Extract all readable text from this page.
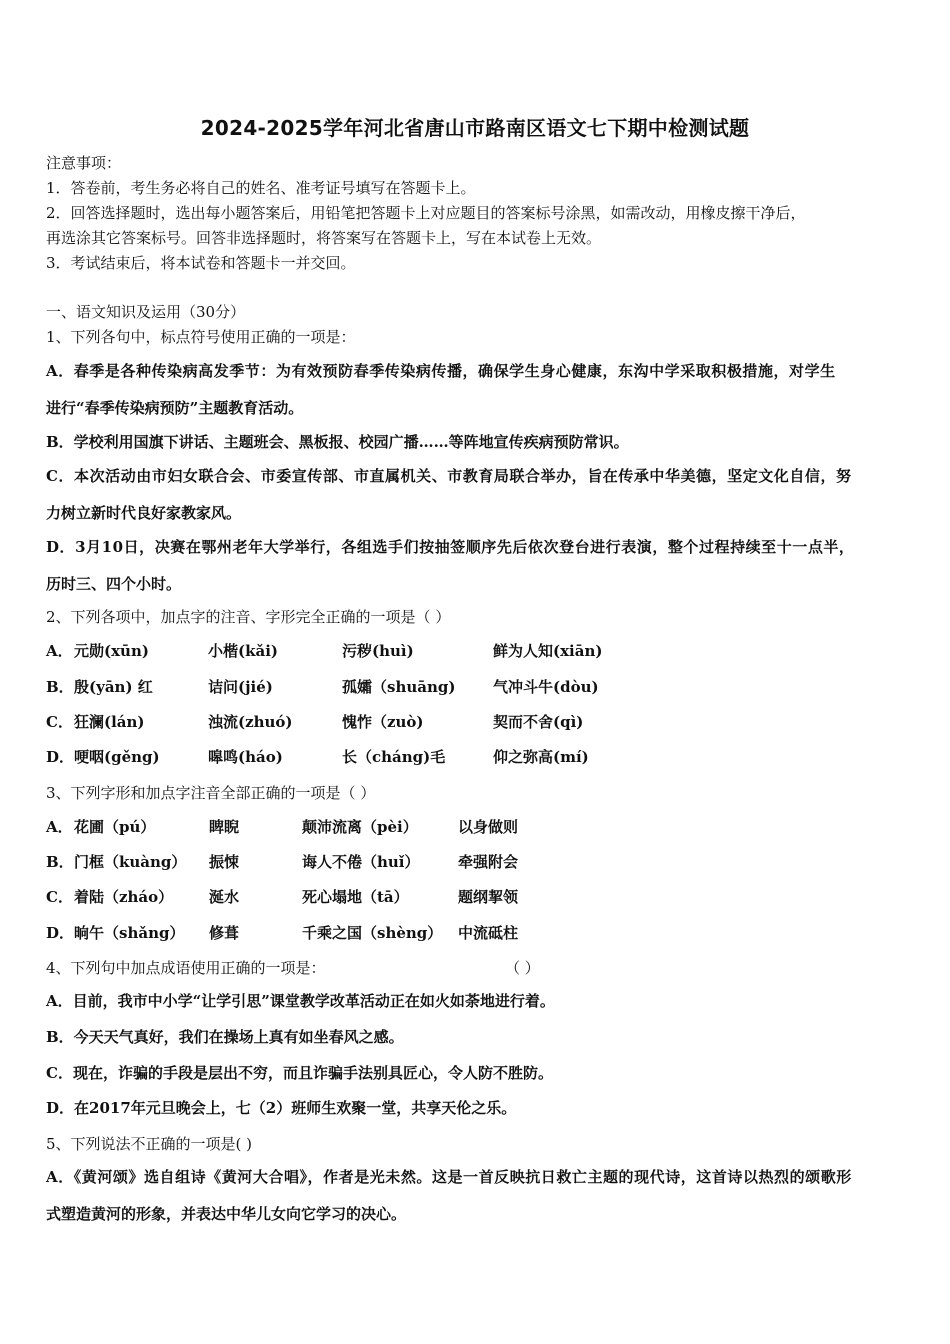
2024-2025学年河北省唐山市路南区语文七下期中检测试题
注意事项：
1．答卷前，考生务必将自己的姓名、准考证号填写在答题卡上。
2．回答选择题时，选出每小题答案后，用铅笔把答题卡上对应题目的答案标号涂黑，如需改动，用橡皮擦干净后，
再选涂其它答案标号。回答非选择题时，将答案写在答题卡上，写在本试卷上无效。
3．考试结束后，将本试卷和答题卡一并交回。
一、语文知识及运用（30分）
1、下列各句中，标点符号使用正确的一项是：
A．春季是各种传染病高发季节：为有效预防春季传染病传播，确保学生身心健康，东沟中学采取积极措施，对学生
进行“春季传染病预防”主题教育活动。
B．学校利用国旗下讲话、主题班会、黑板报、校园广播……等阵地宣传疾病预防常识。
C．本次活动由市妇女联合会、市委宣传部、市直属机关、市教育局联合举办，旨在传承中华美德，坚定文化自信，努
力树立新时代良好家教家风。
D．3月10日，决赛在鄂州老年大学举行，各组选手们按抽签顺序先后依次登台进行表演，整个过程持续至十一点半，
历时三、四个小时。
2、下列各项中，加点字的注音、字形完全正确的一项是（ ）
A． 元勋(xūn)	小楷(kǎi)	污秽(huì)	鲜为人知(xiān)
B． 殷(yān) 红	诘问(jié)	孤孀（shuāng)	气冲斗牛(dòu)
C． 狂澜(lán)	浊流(zhuó)	愧怍（zuò)	契而不舍(qì)
D． 哽咽(gěng)	嗥鸣(háo)	长（cháng)毛	仰之弥高(mí)
3、下列字形和加点字注音全部正确的一项是（ ）
A． 花圃（pú）	睥睨	颠沛流离（pèi）	以身做则
B． 门框（kuàng） 振悚	诲人不倦（huǐ）	牵强附会
C． 着陆（zháo） 涎水	死心塌地（tā）	题纲挈领
D． 晌午（shǎng） 修葺	千乘之国（shèng） 中流砥柱
4、下列句中加点成语使用正确的一项是：	（ ）
A．目前，我市中小学“让学引思”课堂教学改革活动正在如火如荼地进行着。
B．今天天气真好，我们在操场上真有如坐春风之感。
C．现在，诈骗的手段是层出不穷，而且诈骗手法别具匠心，令人防不胜防。
D．在2017年元旦晚会上，七（2）班师生欢聚一堂，共享天伦之乐。
5、下列说法不正确的一项是( )
A．《黄河颂》选自组诗《黄河大合唱》，作者是光未然。这是一首反映抗日救亡主题的现代诗，这首诗以热烈的颂歌形
式塑造黄河的形象，并表达中华儿女向它学习的决心。
